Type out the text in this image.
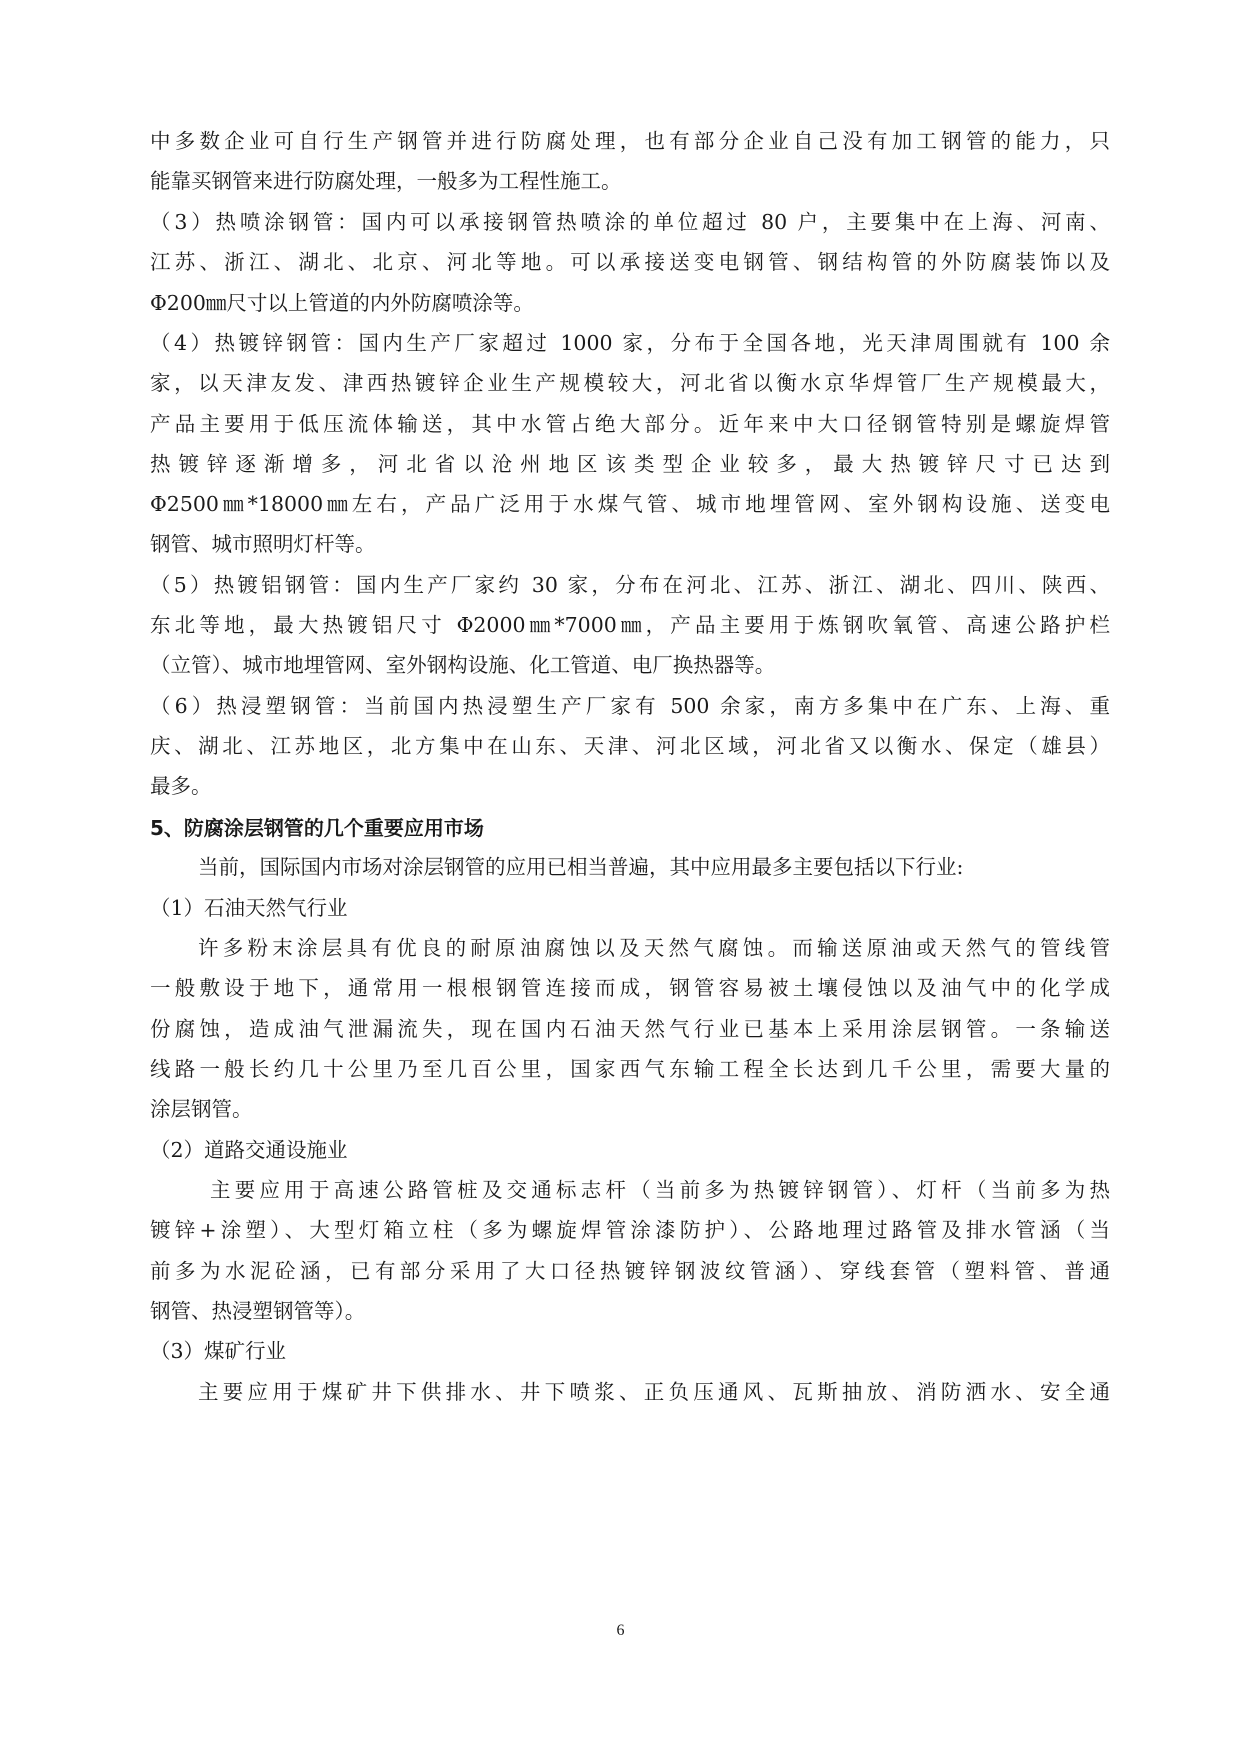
中多数企业可自行生产钢管并进行防腐处理，也有部分企业自己没有加工钢管的能力，只
能靠买钢管来进行防腐处理，一般多为工程性施工。
（3）热喷涂钢管：国内可以承接钢管热喷涂的单位超过 80 户，主要集中在上海、河南、
江苏、浙江、湖北、北京、河北等地。可以承接送变电钢管、钢结构管的外防腐装饰以及
Φ200㎜尺寸以上管道的内外防腐喷涂等。
（4）热镀锌钢管：国内生产厂家超过 1000 家，分布于全国各地，光天津周围就有 100 余
家，以天津友发、津西热镀锌企业生产规模较大，河北省以衡水京华焊管厂生产规模最大，
产品主要用于低压流体输送，其中水管占绝大部分。近年来中大口径钢管特别是螺旋焊管
热镀锌逐渐增多，河北省以沧州地区该类型企业较多，最大热镀锌尺寸已达到
Φ2500㎜*18000㎜左右，产品广泛用于水煤气管、城市地埋管网、室外钢构设施、送变电
钢管、城市照明灯杆等。
（5）热镀铝钢管：国内生产厂家约 30 家，分布在河北、江苏、浙江、湖北、四川、陕西、
东北等地，最大热镀铝尺寸 Φ2000㎜*7000㎜，产品主要用于炼钢吹氧管、高速公路护栏
（立管）、城市地埋管网、室外钢构设施、化工管道、电厂换热器等。
（6）热浸塑钢管：当前国内热浸塑生产厂家有 500 余家，南方多集中在广东、上海、重
庆、湖北、江苏地区，北方集中在山东、天津、河北区域，河北省又以衡水、保定（雄县）
最多。
5、防腐涂层钢管的几个重要应用市场
当前，国际国内市场对涂层钢管的应用已相当普遍，其中应用最多主要包括以下行业:
（1）石油天然气行业
许多粉末涂层具有优良的耐原油腐蚀以及天然气腐蚀。而输送原油或天然气的管线管
一般敷设于地下，通常用一根根钢管连接而成，钢管容易被土壤侵蚀以及油气中的化学成
份腐蚀，造成油气泄漏流失，现在国内石油天然气行业已基本上采用涂层钢管。一条输送
线路一般长约几十公里乃至几百公里，国家西气东输工程全长达到几千公里，需要大量的
涂层钢管。
（2）道路交通设施业
主要应用于高速公路管桩及交通标志杆（当前多为热镀锌钢管）、灯杆（当前多为热
镀锌+涂塑）、大型灯箱立柱（多为螺旋焊管涂漆防护）、公路地理过路管及排水管涵（当
前多为水泥砼涵，已有部分采用了大口径热镀锌钢波纹管涵）、穿线套管（塑料管、普通
钢管、热浸塑钢管等）。
（3）煤矿行业
主要应用于煤矿井下供排水、井下喷浆、正负压通风、瓦斯抽放、消防洒水、安全通
6
